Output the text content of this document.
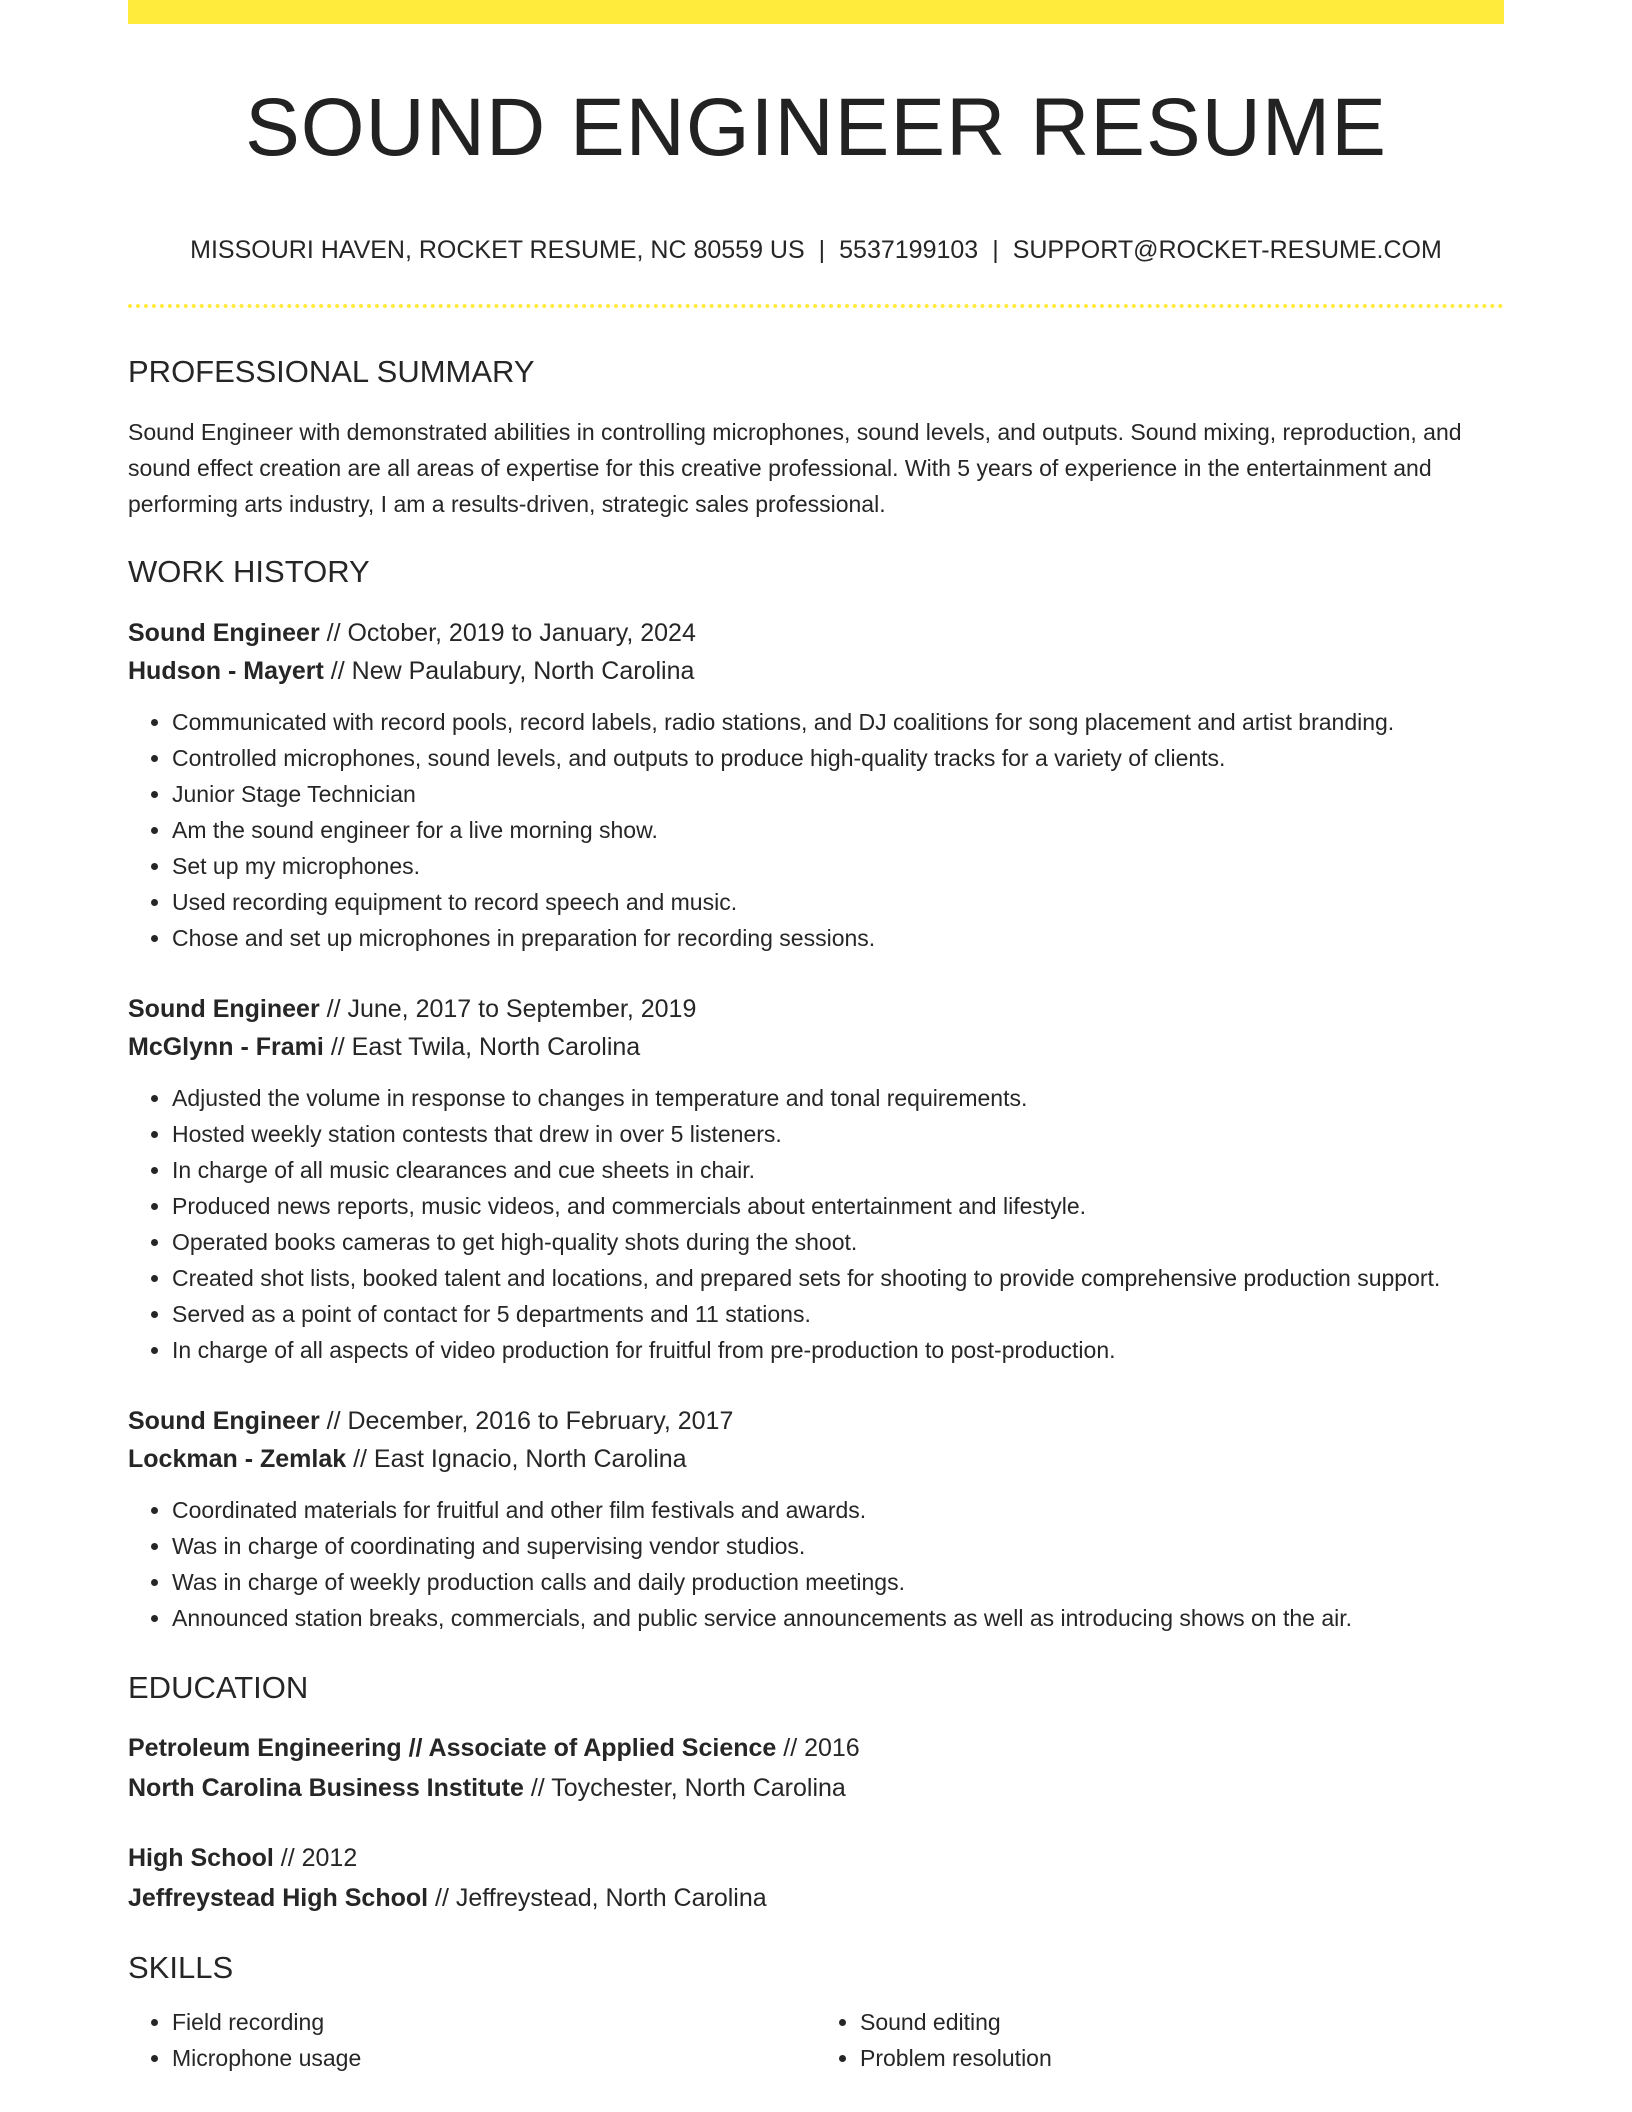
SOUND ENGINEER RESUME
MISSOURI HAVEN, ROCKET RESUME, NC 80559 US | 5537199103 | SUPPORT@ROCKET-RESUME.COM
PROFESSIONAL SUMMARY
Sound Engineer with demonstrated abilities in controlling microphones, sound levels, and outputs. Sound mixing, reproduction, and sound effect creation are all areas of expertise for this creative professional. With 5 years of experience in the entertainment and performing arts industry, I am a results-driven, strategic sales professional.
WORK HISTORY
Sound Engineer // October, 2019 to January, 2024
Hudson - Mayert // New Paulabury, North Carolina
• Communicated with record pools, record labels, radio stations, and DJ coalitions for song placement and artist branding.
• Controlled microphones, sound levels, and outputs to produce high-quality tracks for a variety of clients.
• Junior Stage Technician
• Am the sound engineer for a live morning show.
• Set up my microphones.
• Used recording equipment to record speech and music.
• Chose and set up microphones in preparation for recording sessions.
Sound Engineer // June, 2017 to September, 2019
McGlynn - Frami // East Twila, North Carolina
• Adjusted the volume in response to changes in temperature and tonal requirements.
• Hosted weekly station contests that drew in over 5 listeners.
• In charge of all music clearances and cue sheets in chair.
• Produced news reports, music videos, and commercials about entertainment and lifestyle.
• Operated books cameras to get high-quality shots during the shoot.
• Created shot lists, booked talent and locations, and prepared sets for shooting to provide comprehensive production support.
• Served as a point of contact for 5 departments and 11 stations.
• In charge of all aspects of video production for fruitful from pre-production to post-production.
Sound Engineer // December, 2016 to February, 2017
Lockman - Zemlak // East Ignacio, North Carolina
• Coordinated materials for fruitful and other film festivals and awards.
• Was in charge of coordinating and supervising vendor studios.
• Was in charge of weekly production calls and daily production meetings.
• Announced station breaks, commercials, and public service announcements as well as introducing shows on the air.
EDUCATION
Petroleum Engineering // Associate of Applied Science // 2016
North Carolina Business Institute // Toychester, North Carolina
High School // 2012
Jeffreystead High School // Jeffreystead, North Carolina
SKILLS
• Field recording
• Microphone usage
• Sound editing
• Problem resolution
